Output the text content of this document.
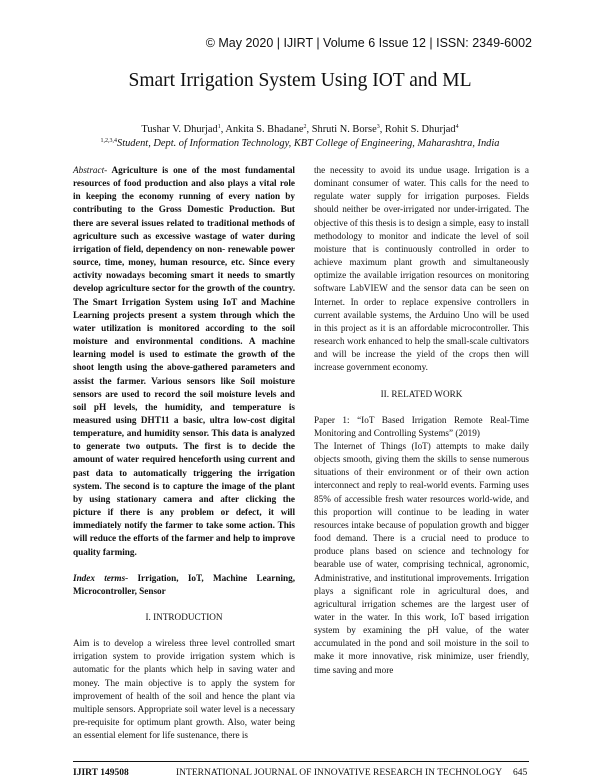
© May 2020 | IJIRT | Volume 6 Issue 12 | ISSN: 2349-6002
Smart Irrigation System Using IOT and ML
Tushar V. Dhurjad$^1$, Ankita S. Bhadane$^2$, Shruti N. Borse$^3$, Rohit S. Dhurjad$^4$
$^{1,2,3,4}$Student, Dept. of Information Technology, KBT College of Engineering, Maharashtra, India

Abstract- Agriculture is one of the most fundamental resources of food production and also plays a vital role in keeping the economy running of every nation by contributing to the Gross Domestic Production. But there are several issues related to traditional methods of agriculture such as excessive wastage of water during irrigation of field, dependency on non- renewable power source, time, money, human resource, etc. Since every activity nowadays becoming smart it needs to smartly develop agriculture sector for the growth of the country. The Smart Irrigation System using IoT and Machine Learning projects present a system through which the water utilization is monitored according to the soil moisture and environmental conditions. A machine learning model is used to estimate the growth of the shoot length using the above-gathered parameters and assist the farmer. Various sensors like Soil moisture sensors are used to record the soil moisture levels and soil pH levels, the humidity, and temperature is measured using DHT11 a basic, ultra low-cost digital temperature, and humidity sensor. This data is analyzed to generate two outputs. The first is to decide the amount of water required henceforth using current and past data to automatically triggering the irrigation system. The second is to capture the image of the plant by using stationary camera and after clicking the picture if there is any problem or defect, it will immediately notify the farmer to take some action. This will reduce the efforts of the farmer and help to improve quality farming.

Index terms- Irrigation, IoT, Machine Learning, Microcontroller, Sensor

I. INTRODUCTION

Aim is to develop a wireless three level controlled smart irrigation system to provide irrigation system which is automatic for the plants which help in saving water and money. The main objective is to apply the system for improvement of health of the soil and hence the plant via multiple sensors. Appropriate soil water level is a necessary pre-requisite for optimum plant growth. Also, water being an essential element for life sustenance, there is

the necessity to avoid its undue usage. Irrigation is a dominant consumer of water. This calls for the need to regulate water supply for irrigation purposes. Fields should neither be over-irrigated nor under-irrigated. The objective of this thesis is to design a simple, easy to install methodology to monitor and indicate the level of soil moisture that is continuously controlled in order to achieve maximum plant growth and simultaneously optimize the available irrigation resources on monitoring software LabVIEW and the sensor data can be seen on Internet. In order to replace expensive controllers in current available systems, the Arduino Uno will be used in this project as it is an affordable microcontroller. This research work enhanced to help the small-scale cultivators and will be increase the yield of the crops then will increase government economy.

II. RELATED WORK

Paper 1: “IoT Based Irrigation Remote Real-Time Monitoring and Controlling Systems” (2019)

The Internet of Things (IoT) attempts to make daily objects smooth, giving them the skills to sense numerous situations of their environment or of their own action interconnect and reply to real-world events. Farming uses 85% of accessible fresh water resources world-wide, and this proportion will continue to be leading in water resources intake because of population growth and bigger food demand. There is a crucial need to produce to produce plans based on science and technology for bearable use of water, comprising technical, agronomic, Administrative, and institutional improvements. Irrigation plays a significant role in agricultural does, and agricultural irrigation schemes are the largest user of water in the water. In this work, IoT based irrigation system by examining the pH value, of the water accumulated in the pond and soil moisture in the soil to make it more innovative, risk minimize, user friendly, time saving and more

IJIRT 149508	INTERNATIONAL JOURNAL OF INNOVATIVE RESEARCH IN TECHNOLOGY 645
